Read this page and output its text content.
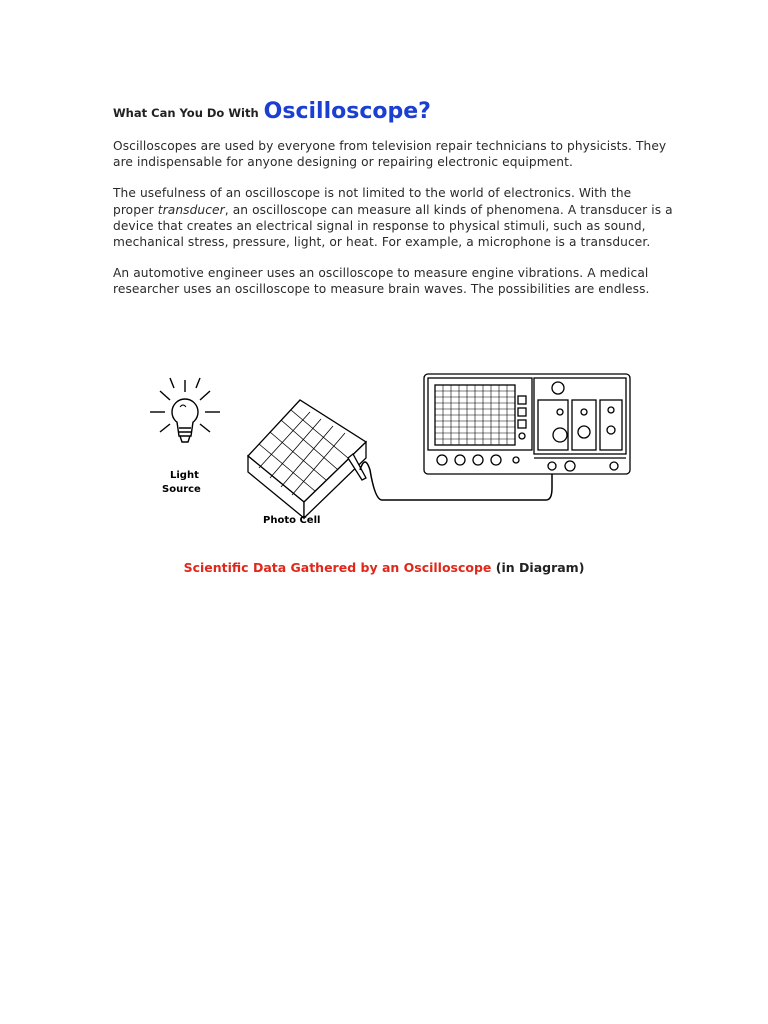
What Can You Do With Oscilloscope?

Oscilloscopes are used by everyone from television repair technicians to physicists. They are indispensable for anyone designing or repairing electronic equipment.

The usefulness of an oscilloscope is not limited to the world of electronics. With the proper transducer, an oscilloscope can measure all kinds of phenomena. A transducer is a device that creates an electrical signal in response to physical stimuli, such as sound, mechanical stress, pressure, light, or heat. For example, a microphone is a transducer.

An automotive engineer uses an oscilloscope to measure engine vibrations. A medical researcher uses an oscilloscope to measure brain waves. The possibilities are endless.

Light
Source
Photo Cell
Scientific Data Gathered by an Oscilloscope (in Diagram)
